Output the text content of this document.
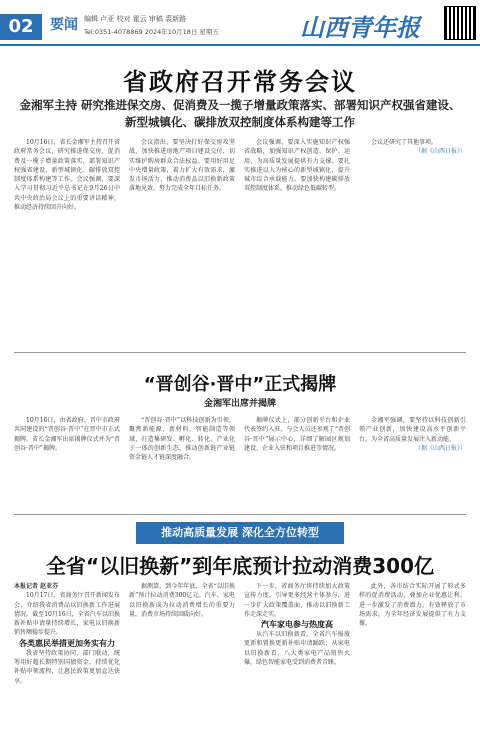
02	要闻 编辑 卢亚 校对 霍云 审稿 裘新路
Tel:0351-4078869 2024年10月18日 星期五	山西青年报
省政府召开常务会议
金湘军主持 研究推进保交房、促消费及一揽子增量政策落实、部署知识产权强省建设、新型城镇化、碳排放双控制度体系构建等工作

10月16日，省长金湘军主持召开省政府常务会议，研究推进保交房、促消费及一揽子增量政策落实，部署知识产权强省建设、新型城镇化、碳排放双控制度体系构建等工作。会议强调，要深入学习贯彻习近平总书记在9月26日中共中央政治局会议上的重要讲话精神，推动经济持续回升向好。

会议指出，要坚决打好保交房攻坚战，加快推进房地产项目建设交付，切实维护购房群众合法权益。要用好用足中央增量政策，着力扩大有效需求，激发市场活力，推动消费品以旧换新政策落地见效，努力完成全年目标任务。

会议强调，要深入实施知识产权强省战略，加强知识产权创造、保护、运用，为高质量发展提供有力支撑。要扎实推进以人为核心的新型城镇化，提升城市综合承载能力。要加快构建碳排放双控制度体系，推动绿色低碳转型。

会议还研究了其他事项。

（据《山西日报》）

“晋创谷·晋中”正式揭牌
金湘军出席并揭牌

10月16日，由省政府、晋中市政府共同建设的“晋创谷·晋中”在晋中市正式揭牌。省长金湘军出席揭牌仪式并为“晋创谷·晋中”揭牌。

“晋创谷·晋中”以科技创新为引领，聚焦新能源、新材料、智能制造等领域，打造集研发、孵化、转化、产业化于一体的创新生态，推动创新链产业链资金链人才链深度融合。

揭牌仪式上，部分创新平台和企业代表签约入驻。与会人员还参观了“晋创谷·晋中”展示中心，详细了解园区规划建设、企业入驻和项目推进等情况。

金湘军强调，要坚持以科技创新引领产业创新，加快建设高水平创新平台，为全省高质量发展注入新动能。

（据《山西日报》）

推动高质量发展 深化全方位转型
全省“以旧换新”到年底预计拉动消费300亿

本报记者 赵亚芬

10月17日，省商务厅召开新闻发布会，介绍我省消费品以旧换新工作进展情况。截至10月16日，全省汽车以旧换新补贴申请量持续增长，家电以旧换新销售额稳步提升。

各类惠民举措更加务实有力

我省坚持政策协同、部门联动，统筹用好超长期特别国债资金，持续优化补贴申领流程，让惠民政策更加直达快享。

据测算，到今年年底，全省“以旧换新”预计拉动消费300亿元。汽车、家电以旧换新成为拉动消费增长的重要力量，消费市场持续回暖向好。

下一步，省商务厅将持续加大政策宣传力度，引导更多经营主体参与，进一步扩大政策覆盖面，推动以旧换新工作走深走实。

汽车家电参与热度高

从汽车以旧换新看，全省汽车报废更新和置换更新补贴申请踊跃；从家电以旧换新看，八大类家电产品销售火爆，绿色智能家电受到消费者青睐。

此外，各市结合实际开展了形式多样的促消费活动，叠加企业优惠让利，进一步激发了消费潜力，有效释放了市场需求，为全年经济发展提供了有力支撑。
